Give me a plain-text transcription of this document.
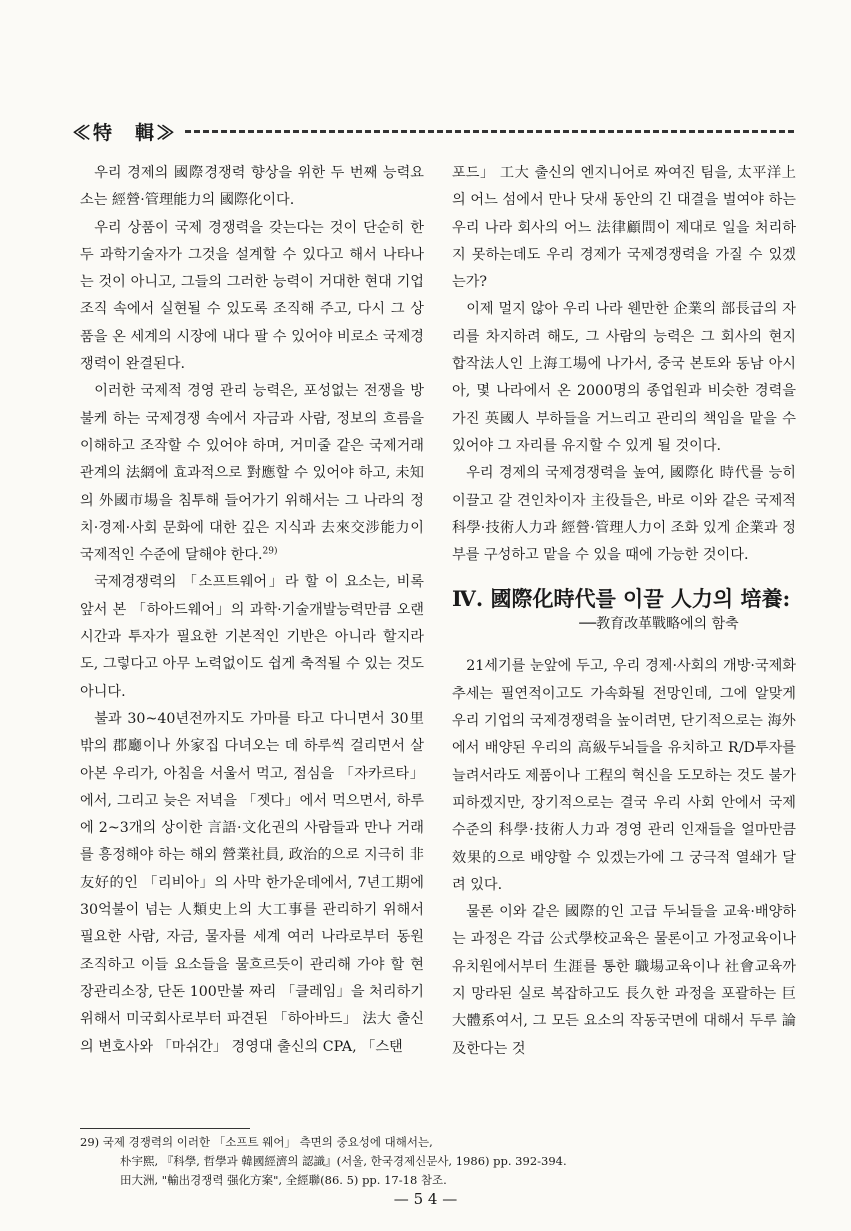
≪特　輯≫

우리 경제의 國際경쟁력 향상을 위한 두 번째 능력요소는 經營·管理能力의 國際化이다.

우리 상품이 국제 경쟁력을 갖는다는 것이 단순히 한두 과학기술자가 그것을 설계할 수 있다고 해서 나타나는 것이 아니고, 그들의 그러한 능력이 거대한 현대 기업조직 속에서 실현될 수 있도록 조직해 주고, 다시 그 상품을 온 세계의 시장에 내다 팔 수 있어야 비로소 국제경쟁력이 완결된다.

이러한 국제적 경영 관리 능력은, 포성없는 전쟁을 방불케 하는 국제경쟁 속에서 자금과 사람, 정보의 흐름을 이해하고 조작할 수 있어야 하며, 거미줄 같은 국제거래관계의 法網에 효과적으로 對應할 수 있어야 하고, 未知의 外國市場을 침투해 들어가기 위해서는 그 나라의 정치·경제·사회 문화에 대한 깊은 지식과 去來交涉能力이 국제적인 수준에 달해야 한다.$^{29)}$

국제경쟁력의 「소프트웨어」라 할 이 요소는, 비록 앞서 본 「하아드웨어」의 과학·기술개발능력만큼 오랜 시간과 투자가 필요한 기본적인 기반은 아니라 할지라도, 그렇다고 아무 노력없이도 쉽게 축적될 수 있는 것도 아니다.

불과 30~40년전까지도 가마를 타고 다니면서 30里 밖의 郡廳이나 外家집 다녀오는 데 하루씩 걸리면서 살아본 우리가, 아침을 서울서 먹고, 점심을 「자카르타」에서, 그리고 늦은 저녁을 「젯다」에서 먹으면서, 하루에 2~3개의 상이한 言語·文化권의 사람들과 만나 거래를 흥정해야 하는 해외 營業社員, 政治的으로 지극히 非友好的인 「리비아」의 사막 한가운데에서, 7년工期에 30억불이 넘는 人類史上의 大工事를 관리하기 위해서 필요한 사람, 자금, 물자를 세계 여러 나라로부터 동원 조직하고 이들 요소들을 물흐르듯이 관리해 가야 할 현장관리소장, 단돈 100만불 짜리 「클레임」을 처리하기 위해서 미국회사로부터 파견된 「하아바드」 法大 출신의 변호사와 「마쉬간」 경영대 출신의 CPA, 「스탠

포드」 工大 출신의 엔지니어로 짜여진 팀을, 太平洋上의 어느 섬에서 만나 닷새 동안의 긴 대결을 벌여야 하는 우리 나라 회사의 어느 法律顧問이 제대로 일을 처리하지 못하는데도 우리 경제가 국제경쟁력을 가질 수 있겠는가?

이제 멀지 않아 우리 나라 웬만한 企業의 部長급의 자리를 차지하려 해도, 그 사람의 능력은 그 회사의 현지 합작法人인 上海工場에 나가서, 중국 본토와 동남 아시아, 몇 나라에서 온 2000명의 종업원과 비슷한 경력을 가진 英國人 부하들을 거느리고 관리의 책임을 맡을 수 있어야 그 자리를 유지할 수 있게 될 것이다.

우리 경제의 국제경쟁력을 높여, 國際化 時代를 능히 이끌고 갈 견인차이자 主役들은, 바로 이와 같은 국제적 科學·技術人力과 經營·管理人力이 조화 있게 企業과 정부를 구성하고 맡을 수 있을 때에 가능한 것이다.

Ⅳ. 國際化時代를 이끌 人力의 培養:
──教育改革戰略에의 함축

21세기를 눈앞에 두고, 우리 경제·사회의 개방·국제화 추세는 필연적이고도 가속화될 전망인데, 그에 알맞게 우리 기업의 국제경쟁력을 높이려면, 단기적으로는 海外에서 배양된 우리의 高級두뇌들을 유치하고 R/D투자를 늘려서라도 제품이나 工程의 혁신을 도모하는 것도 불가피하겠지만, 장기적으로는 결국 우리 사회 안에서 국제 수준의 科學·技術人力과 경영 관리 인재들을 얼마만큼 效果的으로 배양할 수 있겠는가에 그 궁극적 열쇄가 달려 있다.

물론 이와 같은 國際的인 고급 두뇌들을 교육·배양하는 과정은 각급 公式學校교육은 물론이고 가정교육이나 유치원에서부터 生涯를 통한 職場교육이나 社會교육까지 망라된 실로 복잡하고도 長久한 과정을 포괄하는 巨大體系여서, 그 모든 요소의 작동국면에 대해서 두루 論及한다는 것

29) 국제 경쟁력의 이러한 「소프트 웨어」 측면의 중요성에 대해서는,
朴宇熙, 『科學, 哲學과 韓國經濟의 認識』(서울, 한국경제신문사, 1986) pp. 392-394.
田大洲, "輸出경쟁력 强化方案", 全經聯(86. 5) pp. 17-18 참조.
— 5 4 —
